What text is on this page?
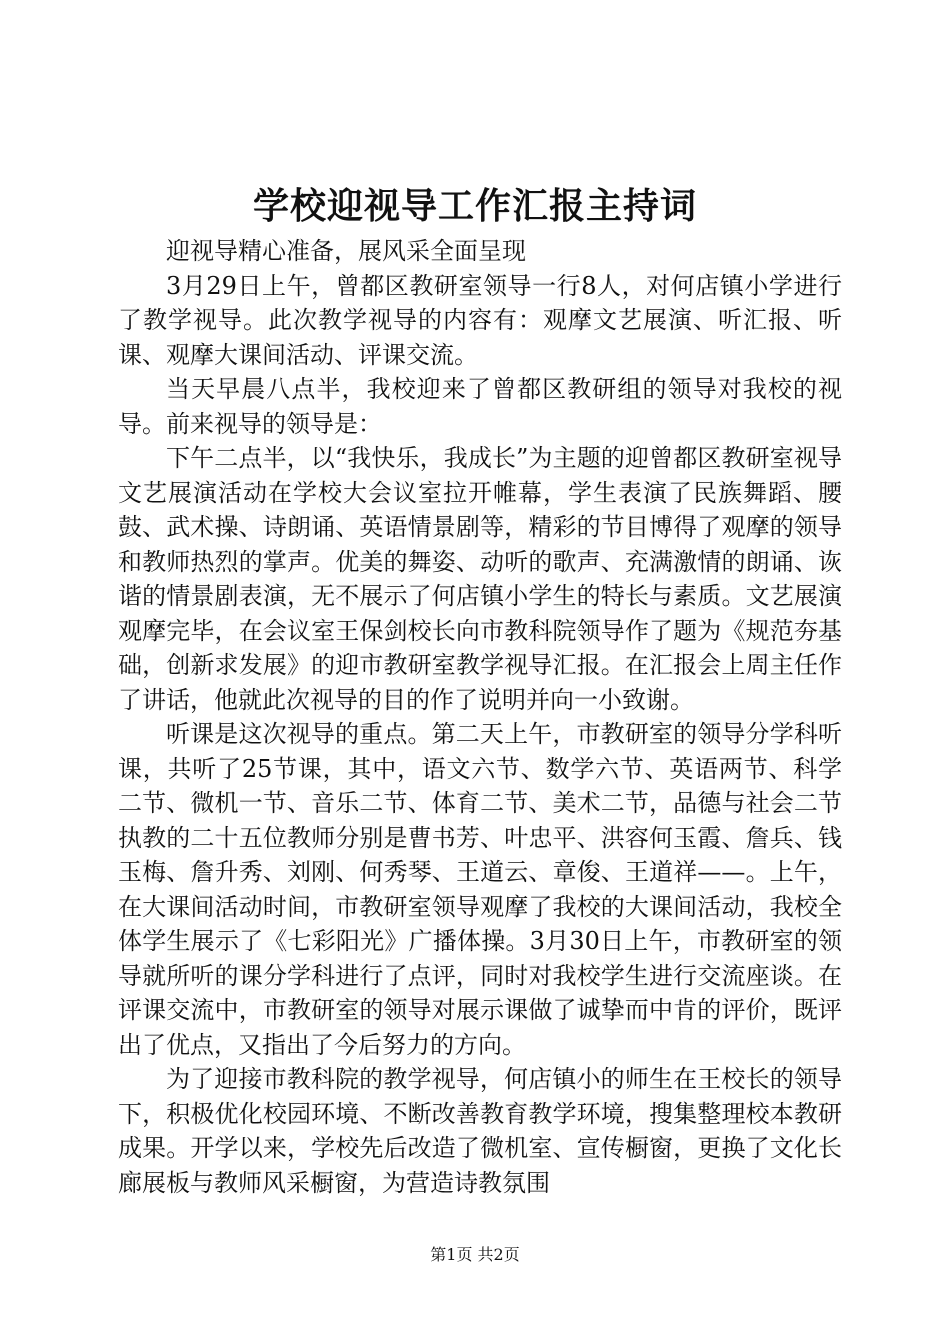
学校迎视导工作汇报主持词

迎视导精心准备，展风采全面呈现

3月29日上午，曾都区教研室领导一行8人，对何店镇小学进行了教学视导。此次教学视导的内容有：观摩文艺展演、听汇报、听课、观摩大课间活动、评课交流。

当天早晨八点半，我校迎来了曾都区教研组的领导对我校的视导。前来视导的领导是：

下午二点半，以“我快乐，我成长”为主题的迎曾都区教研室视导文艺展演活动在学校大会议室拉开帷幕，学生表演了民族舞蹈、腰鼓、武术操、诗朗诵、英语情景剧等，精彩的节目博得了观摩的领导和教师热烈的掌声。优美的舞姿、动听的歌声、充满激情的朗诵、诙谐的情景剧表演，无不展示了何店镇小学生的特长与素质。文艺展演观摩完毕，在会议室王保剑校长向市教科院领导作了题为《规范夯基础，创新求发展》的迎市教研室教学视导汇报。在汇报会上周主任作了讲话，他就此次视导的目的作了说明并向一小致谢。

听课是这次视导的重点。第二天上午，市教研室的领导分学科听课，共听了25节课，其中，语文六节、数学六节、英语两节、科学二节、微机一节、音乐二节、体育二节、美术二节，品德与社会二节执教的二十五位教师分别是曹书芳、叶忠平、洪容何玉霞、詹兵、钱玉梅、詹升秀、刘刚、何秀琴、王道云、章俊、王道祥——。上午，在大课间活动时间，市教研室领导观摩了我校的大课间活动，我校全体学生展示了《七彩阳光》广播体操。3月30日上午，市教研室的领导就所听的课分学科进行了点评，同时对我校学生进行交流座谈。在评课交流中，市教研室的领导对展示课做了诚挚而中肯的评价，既评出了优点，又指出了今后努力的方向。

为了迎接市教科院的教学视导，何店镇小的师生在王校长的领导下，积极优化校园环境、不断改善教育教学环境，搜集整理校本教研成果。开学以来，学校先后改造了微机室、宣传橱窗，更换了文化长廊展板与教师风采橱窗，为营造诗教氛围

第1页 共2页
